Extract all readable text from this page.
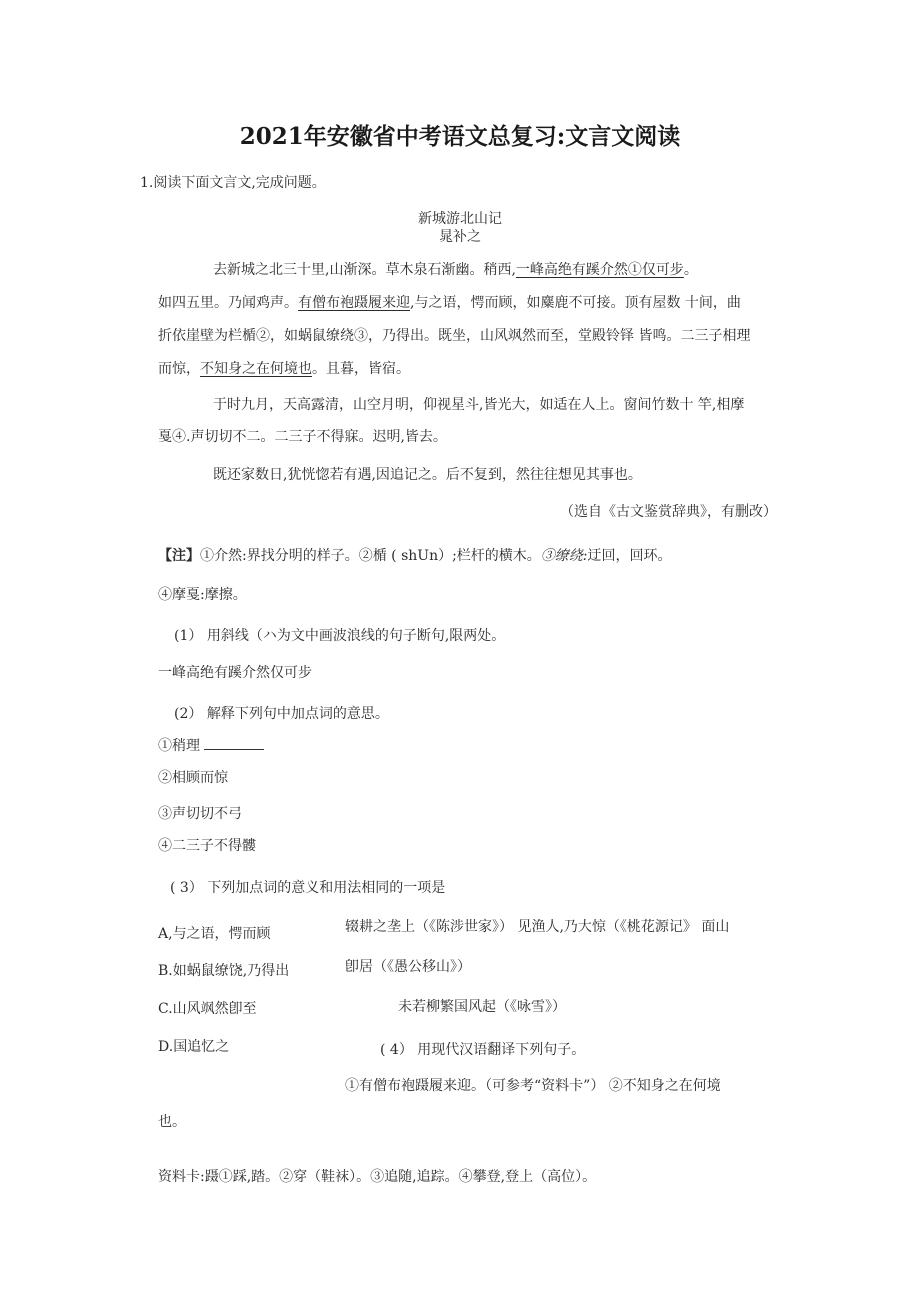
2021年安徽省中考语文总复习:文言文阅读
1.阅读下面文言文,完成问题。
新城游北山记
晁补之
去新城之北三十里,山渐深。草木泉石渐幽。稍西,一峰高绝有蹊介然①仅可步。
如四五里。乃闻鸡声。有僧布袍蹑履来迎,与之语，愕而顾，如麋鹿不可接。顶有屋数 十间，曲
折依崖壁为栏楯②，如蜗鼠缭绕③，乃得出。既坐，山风飒然而至，堂殿铃铎 皆鸣。二三子相理
而惊，不知身之在何境也。且暮，皆宿。
于时九月，天高露清，山空月明，仰视星斗,皆光大，如适在人上。窗间竹数十 竿,相摩
戛④.声切切不二。二三子不得寐。迟明,皆去。
既还家数日,犹恍惚若有遇,因追记之。后不复到，然往往想见其事也。
（选自《古文鉴赏辞典》，有删改）
【注】①介然:界找分明的样子。②楯 ( shUn）;栏杆的横木。③缭绕:迂回，回环。
④摩戛:摩擦。
(1） 用斜线（ハ为文中画波浪线的句子断句,限两处。
一峰高绝有蹊介然仅可步
(2） 解释下列句中加点词的意思。
①稍理
②相顾而惊
③声切切不弓
④二三子不得髏
( 3） 下列加点词的意义和用法相同的一项是
A,与之语，愕而顾	辍耕之垄上（《陈涉世家》） 见渔人,乃大惊（《桃花源记》 面山
B.如蜗鼠缭饶,乃得出	卽居（《愚公移山》）
C.山风飒然卽至	未若柳繁国风起（《咏雪》）
D.国追忆之	( 4） 用现代汉语翻译下列句子。
①有僧布袍蹑履来迎。（可参考“资料卡”） ②不知身之在何境
也。
资料卡:蹑①踩,踏。②穿（鞋袜）。③追随,追踪。④攀登,登上（高位）。
